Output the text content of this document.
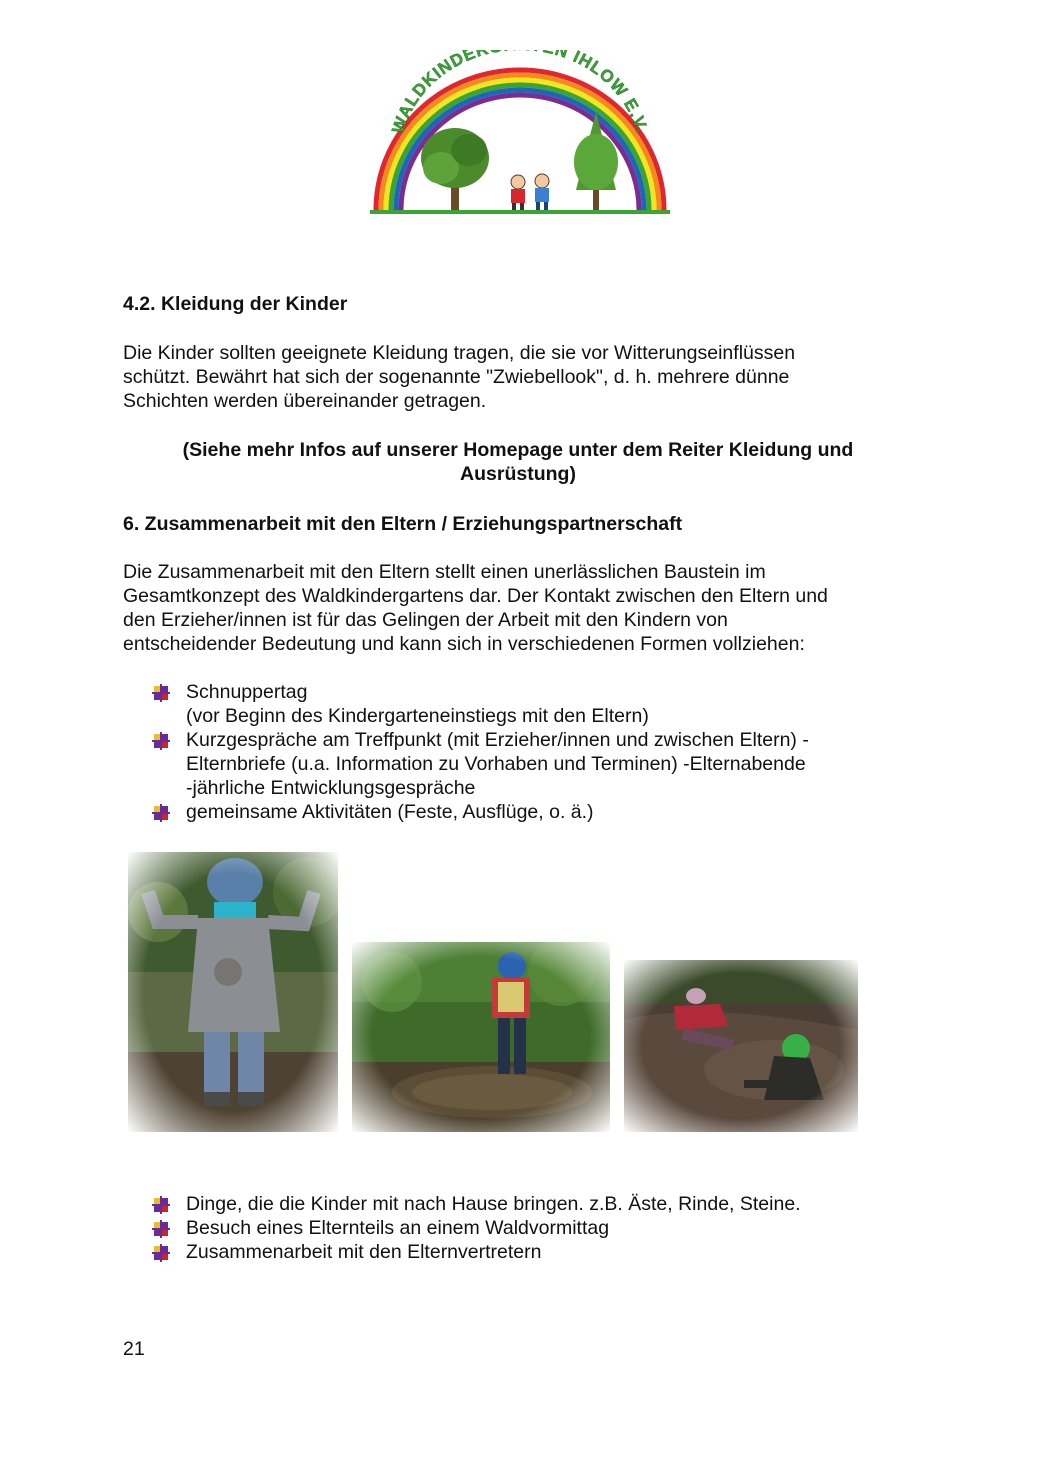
WALDKINDE N IHLOW E.V.
4.2. Kleidung der Kinder
Die Kinder sollten geeignete Kleidung tragen, die sie vor Witterungseinflüssen
schützt. Bewährt hat sich der sogenannte "Zwiebellook", d. h. mehrere dünne
Schichten werden übereinander getragen.
(Siehe mehr Infos auf unserer Homepage unter dem Reiter Kleidung und
Ausrüstung)
6. Zusammenarbeit mit den Eltern / Erziehungspartnerschaft
Die Zusammenarbeit mit den Eltern stellt einen unerlässlichen Baustein im
Gesamtkonzept des Waldkindergartens dar. Der Kontakt zwischen den Eltern und
den Erzieher/innen ist für das Gelingen der Arbeit mit den Kindern von
entscheidender Bedeutung und kann sich in verschiedenen Formen vollziehen:
Schnuppertag
(vor Beginn des Kindergarteneinstiegs mit den Eltern)
Kurzgespräche am Treffpunkt (mit Erzieher/innen und zwischen Eltern) -
Elternbriefe (u.a. Information zu Vorhaben und Terminen) -Elternabende
-jährliche Entwicklungsgespräche
gemeinsame Aktivitäten (Feste, Ausflüge, o. ä.)
Dinge, die die Kinder mit nach Hause bringen. z.B. Äste, Rinde, Steine.
Besuch eines Elternteils an einem Waldvormittag
Zusammenarbeit mit den Elternvertretern
21
